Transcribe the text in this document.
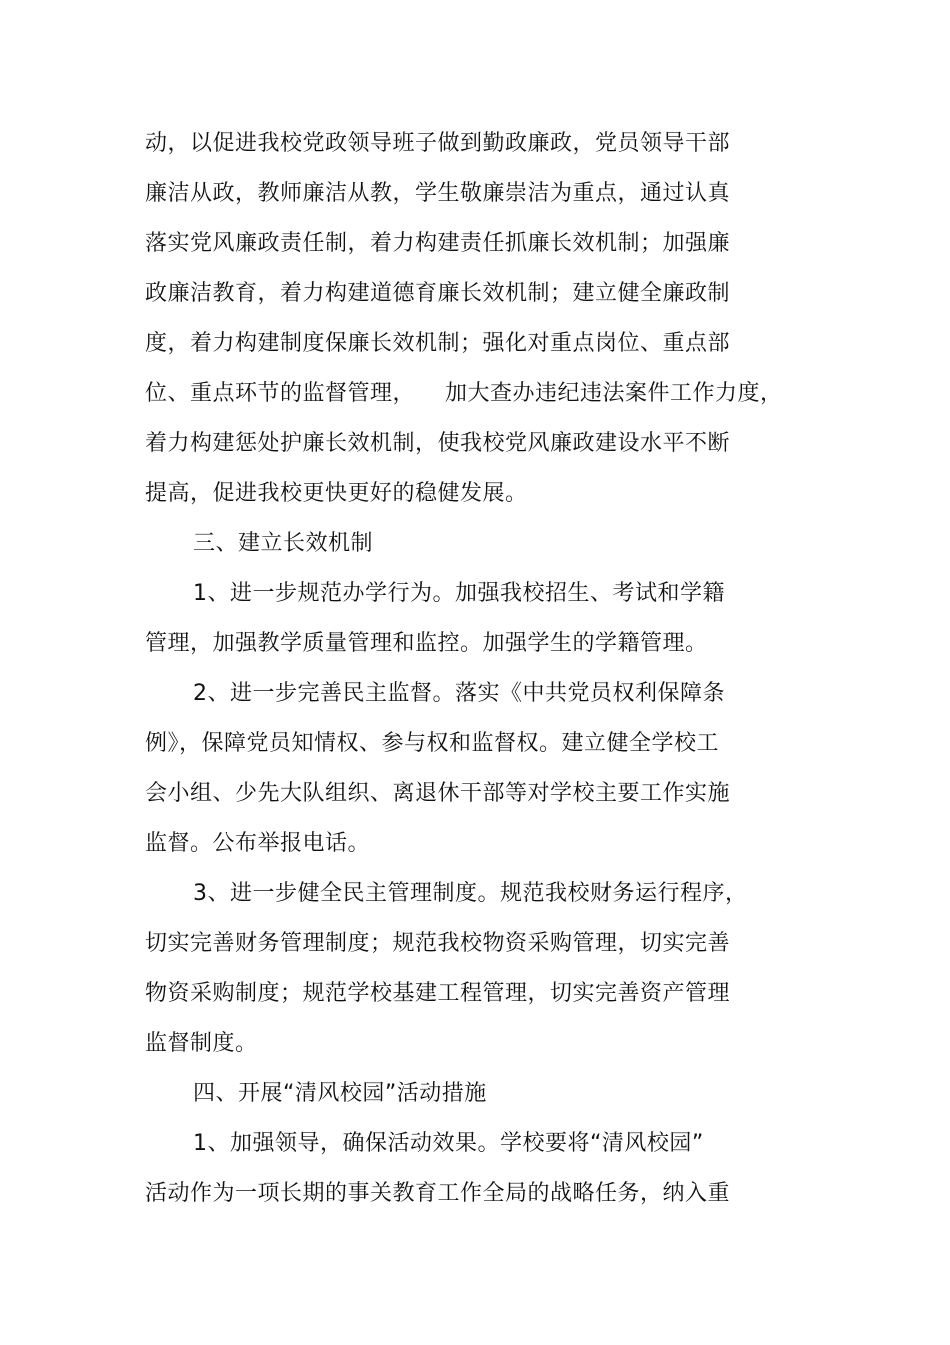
动，以促进我校党政领导班子做到勤政廉政，党员领导干部
廉洁从政，教师廉洁从教，学生敬廉崇洁为重点，通过认真
落实党风廉政责任制，着力构建责任抓廉长效机制；加强廉
政廉洁教育，着力构建道德育廉长效机制；建立健全廉政制
度，着力构建制度保廉长效机制；强化对重点岗位、重点部
位、重点环节的监督管理，    加大查办违纪违法案件工作力度，
着力构建惩处护廉长效机制，使我校党风廉政建设水平不断
提高，促进我校更快更好的稳健发展。
三、建立长效机制
1、进一步规范办学行为。加强我校招生、考试和学籍
管理，加强教学质量管理和监控。加强学生的学籍管理。
2、进一步完善民主监督。落实《中共党员权利保障条
例》，保障党员知情权、参与权和监督权。建立健全学校工
会小组、少先大队组织、离退休干部等对学校主要工作实施
监督。公布举报电话。
3、进一步健全民主管理制度。规范我校财务运行程序，
切实完善财务管理制度；规范我校物资采购管理，切实完善
物资采购制度；规范学校基建工程管理，切实完善资产管理
监督制度。
四、开展“清风校园”活动措施
1、加强领导，确保活动效果。学校要将“清风校园”
活动作为一项长期的事关教育工作全局的战略任务，纳入重
